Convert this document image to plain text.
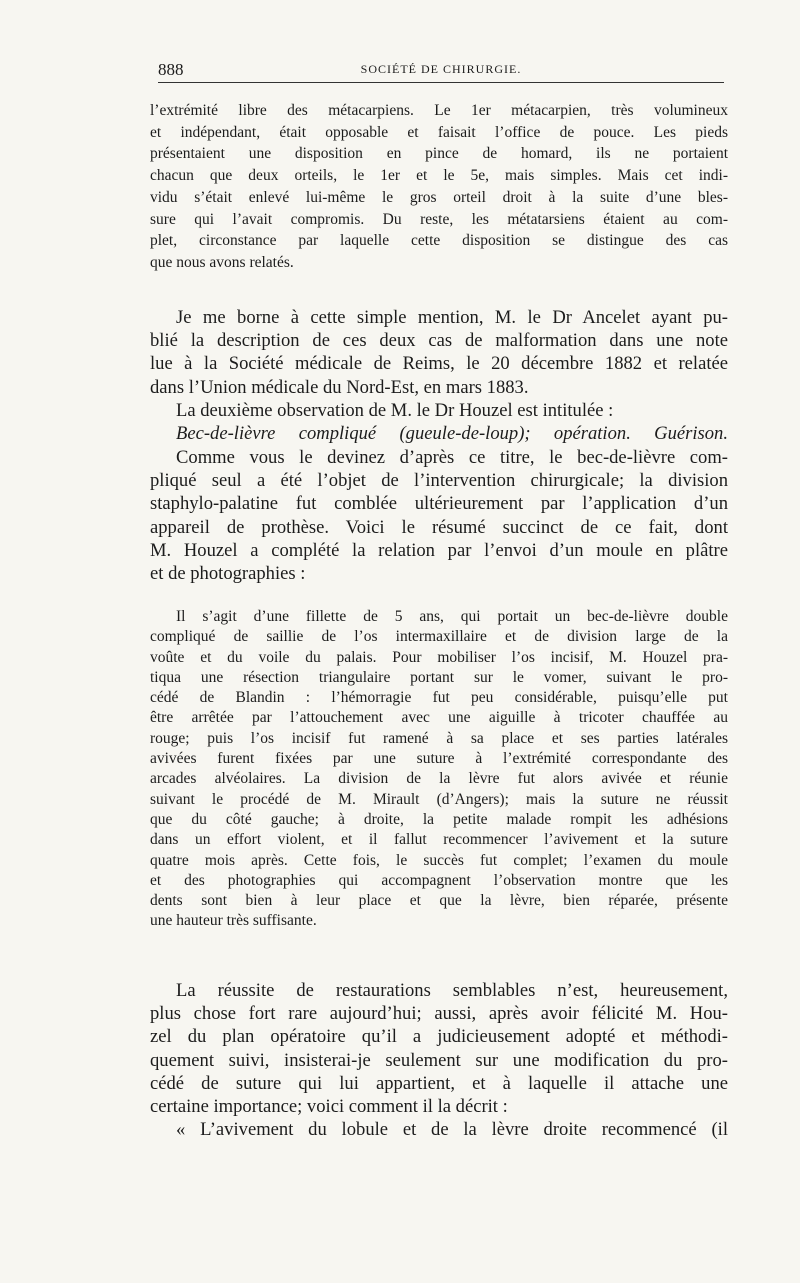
888	SOCIÉTÉ DE CHIRURGIE.
l’extrémité libre des métacarpiens. Le 1er métacarpien, très volumineux
et indépendant, était opposable et faisait l’office de pouce. Les pieds
présentaient une disposition en pince de homard, ils ne portaient
chacun que deux orteils, le 1er et le 5e, mais simples. Mais cet indi-
vidu s’était enlevé lui-même le gros orteil droit à la suite d’une bles-
sure qui l’avait compromis. Du reste, les métatarsiens étaient au com-
plet, circonstance par laquelle cette disposition se distingue des cas
que nous avons relatés.
Je me borne à cette simple mention, M. le Dr Ancelet ayant pu-
blié la description de ces deux cas de malformation dans une note
lue à la Société médicale de Reims, le 20 décembre 1882 et relatée
dans l’Union médicale du Nord-Est, en mars 1883.
La deuxième observation de M. le Dr Houzel est intitulée :
Bec-de-lièvre compliqué (gueule-de-loup); opération. Guérison.
Comme vous le devinez d’après ce titre, le bec-de-lièvre com-
pliqué seul a été l’objet de l’intervention chirurgicale; la division
staphylo-palatine fut comblée ultérieurement par l’application d’un
appareil de prothèse. Voici le résumé succinct de ce fait, dont
M. Houzel a complété la relation par l’envoi d’un moule en plâtre
et de photographies :
Il s’agit d’une fillette de 5 ans, qui portait un bec-de-lièvre double
compliqué de saillie de l’os intermaxillaire et de division large de la
voûte et du voile du palais. Pour mobiliser l’os incisif, M. Houzel pra-
tiqua une résection triangulaire portant sur le vomer, suivant le pro-
cédé de Blandin : l’hémorragie fut peu considérable, puisqu’elle put
être arrêtée par l’attouchement avec une aiguille à tricoter chauffée au
rouge; puis l’os incisif fut ramené à sa place et ses parties latérales
avivées furent fixées par une suture à l’extrémité correspondante des
arcades alvéolaires. La division de la lèvre fut alors avivée et réunie
suivant le procédé de M. Mirault (d’Angers); mais la suture ne réussit
que du côté gauche; à droite, la petite malade rompit les adhésions
dans un effort violent, et il fallut recommencer l’avivement et la suture
quatre mois après. Cette fois, le succès fut complet; l’examen du moule
et des photographies qui accompagnent l’observation montre que les
dents sont bien à leur place et que la lèvre, bien réparée, présente
une hauteur très suffisante.
La réussite de restaurations semblables n’est, heureusement,
plus chose fort rare aujourd’hui; aussi, après avoir félicité M. Hou-
zel du plan opératoire qu’il a judicieusement adopté et méthodi-
quement suivi, insisterai-je seulement sur une modification du pro-
cédé de suture qui lui appartient, et à laquelle il attache une
certaine importance; voici comment il la décrit :
« L’avivement du lobule et de la lèvre droite recommencé (il
